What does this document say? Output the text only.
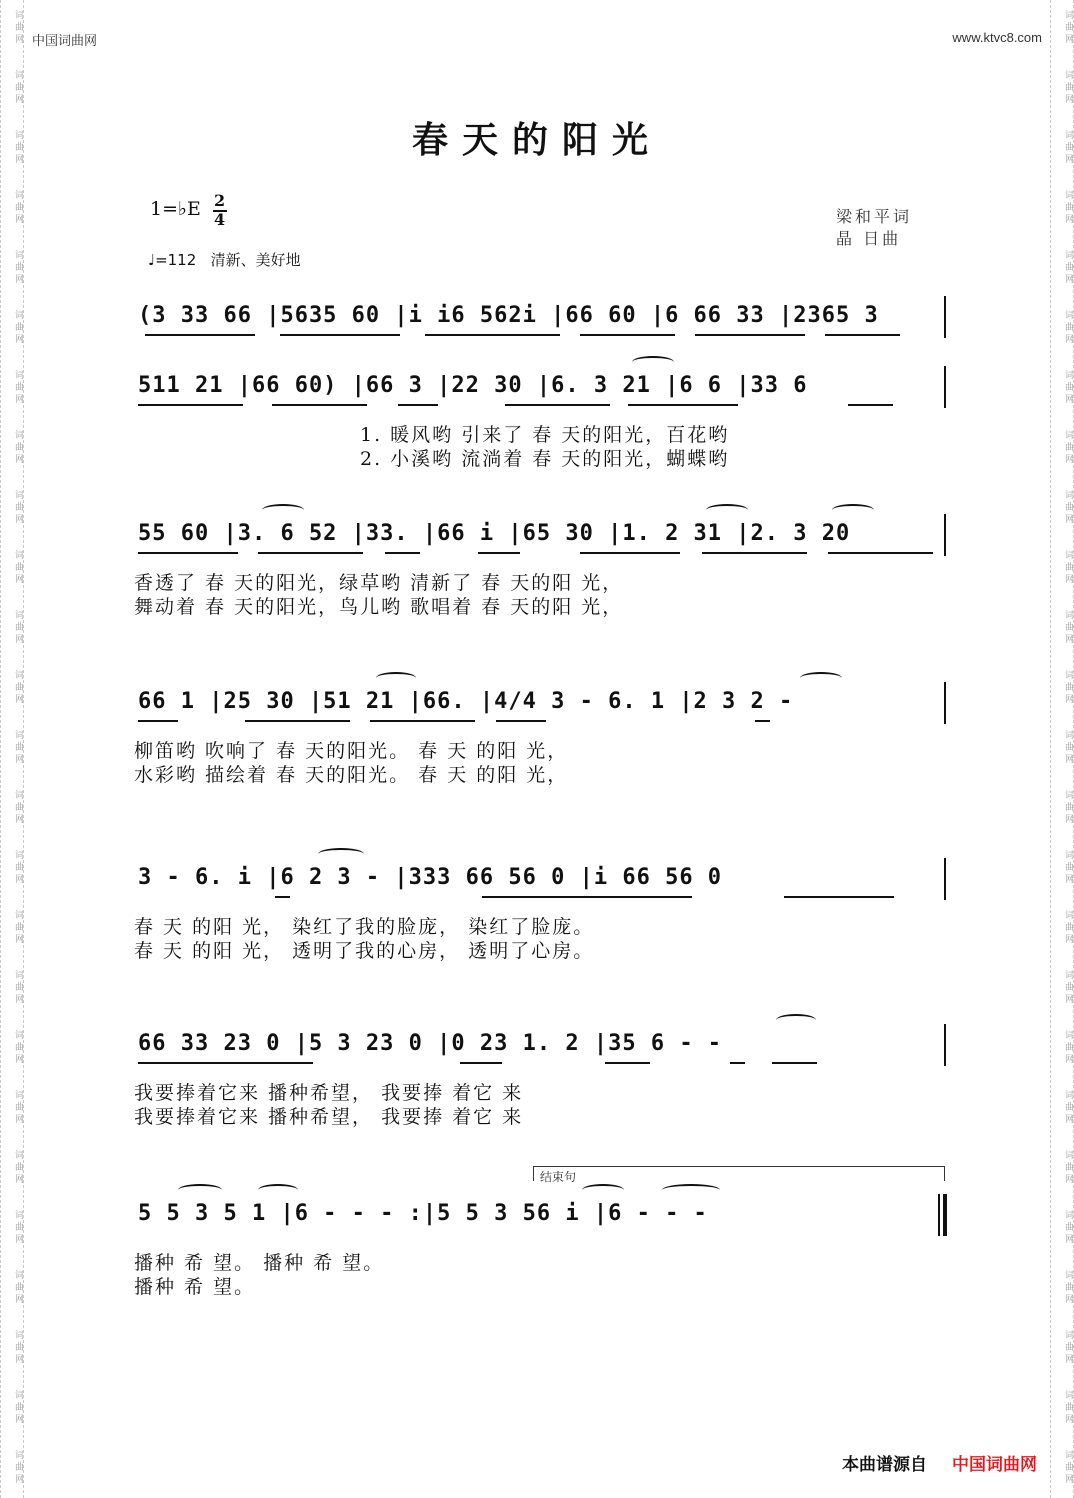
词曲网
词曲网
词曲网
词曲网
词曲网
词曲网
词曲网
词曲网
词曲网
词曲网
词曲网
词曲网
词曲网
词曲网
词曲网
词曲网
词曲网
词曲网
词曲网
词曲网
词曲网
词曲网
词曲网
词曲网
词曲网
词曲网
词曲网
词曲网
词曲网
词曲网
词曲网
词曲网
词曲网
词曲网
词曲网
词曲网
词曲网
词曲网
词曲网
词曲网
词曲网
词曲网
词曲网
词曲网
词曲网
词曲网
词曲网
词曲网
词曲网
词曲网
中国词曲网	www.ktvc8.com
春天的阳光
1=♭E 2
4
♩=112 清新、美好地
梁和平词
晶 日曲
(3 33 66 |5635 60 |i i6 562i |66 60 |6 66 33 |2365 3
511 21 |66 60) |66 3 |22 30 |6. 3 21 |6 6 |33 6
1. 暖风哟 引来了 春 天的阳光，百花哟
2. 小溪哟 流淌着 春 天的阳光，蝴蝶哟
55 60 |3. 6 52 |33. |66 i |65 30 |1. 2 31 |2. 3 20
香透了 春 天的阳光，绿草哟 清新了 春 天的阳 光，
舞动着 春 天的阳光，鸟儿哟 歌唱着 春 天的阳 光，
66 1 |25 30 |51 21 |66. |4/4 3 - 6. 1 |2 3 2 -
柳笛哟 吹响了 春 天的阳光。 春 天 的阳 光，
水彩哟 描绘着 春 天的阳光。 春 天 的阳 光，
3 - 6. i |6 2 3 - |333 66 56 0 |i 66 56 0
春 天 的阳 光， 染红了我的脸庞， 染红了脸庞。
春 天 的阳 光， 透明了我的心房， 透明了心房。
66 33 23 0 |5 3 23 0 |0 23 1. 2 |35 6 - -
我要捧着它来 播种希望， 我要捧 着它 来
我要捧着它来 播种希望， 我要捧 着它 来
结束句
5 5 3 5 1 |6 - - - :|5 5 3 56 i |6 - - -
播种 希 望。 播种 希 望。
播种 希 望。
本曲谱源自 中国词曲网
